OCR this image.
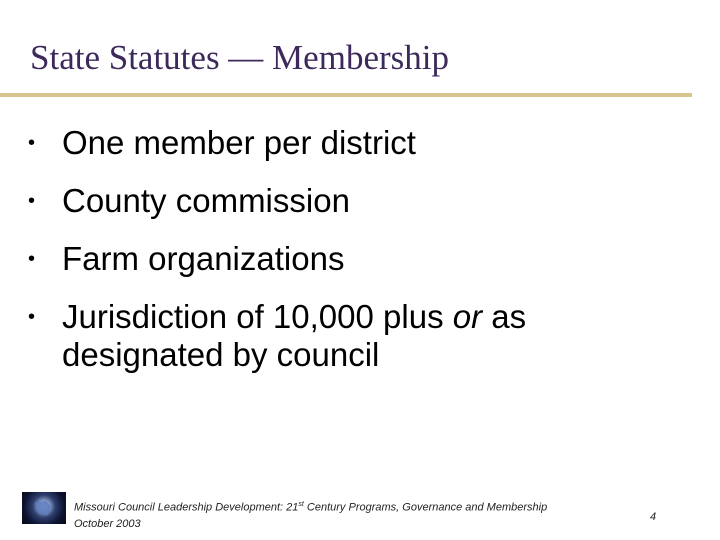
State Statutes — Membership
• One member per district
• County commission
• Farm organizations
• Jurisdiction of 10,000 plus or as
designated by council
Missouri Council Leadership Development: 21st Century Programs, Governance and Membership
October 2003
4
